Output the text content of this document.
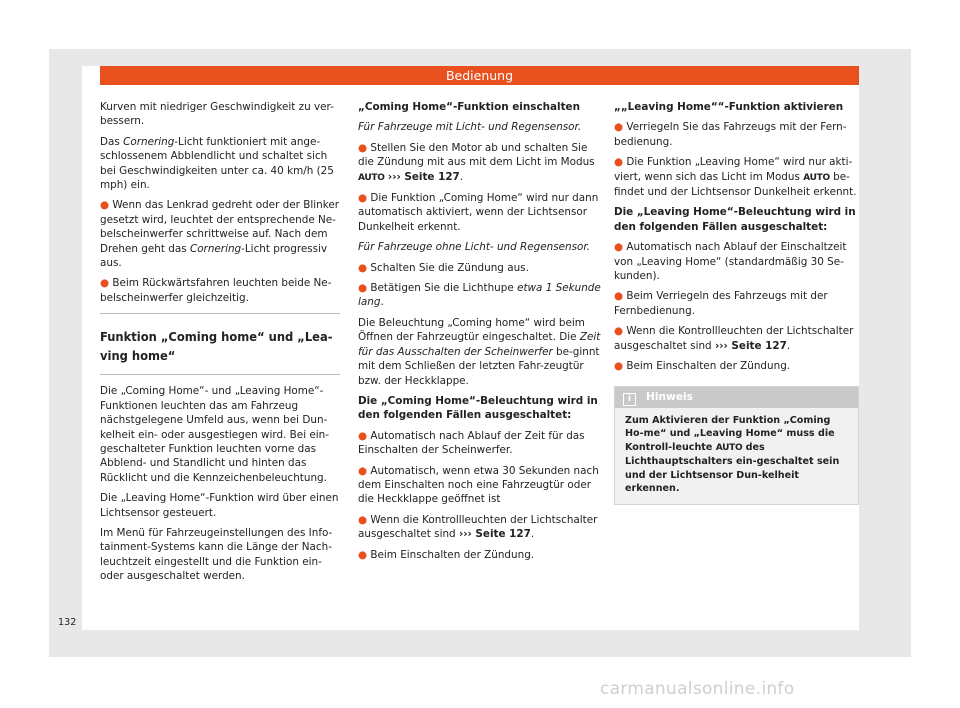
Bedienung

Kurven mit niedriger Geschwindigkeit zu ver-bessern.

Das Cornering-Licht funktioniert mit ange-schlossenem Abblendlicht und schaltet sich bei Geschwindigkeiten unter ca. 40 km/h (25 mph) ein.

● Wenn das Lenkrad gedreht oder der Blinker gesetzt wird, leuchtet der entsprechende Ne-belscheinwerfer schrittweise auf. Nach dem Drehen geht das Cornering-Licht progressiv aus.

● Beim Rückwärtsfahren leuchten beide Ne-belscheinwerfer gleichzeitig.

Funktion „Coming home“ und „Lea-ving home“

Die „Coming Home“- und „Leaving Home“-Funktionen leuchten das am Fahrzeug nächstgelegene Umfeld aus, wenn bei Dun-kelheit ein- oder ausgestiegen wird. Bei ein-geschalteter Funktion leuchten vorne das Abblend- und Standlicht und hinten das Rücklicht und die Kennzeichenbeleuchtung.

Die „Leaving Home“-Funktion wird über einen Lichtsensor gesteuert.

Im Menü für Fahrzeugeinstellungen des Info-tainment-Systems kann die Länge der Nach-leuchtzeit eingestellt und die Funktion ein-oder ausgeschaltet werden.

„Coming Home“-Funktion einschalten

Für Fahrzeuge mit Licht- und Regensensor.

● Stellen Sie den Motor ab und schalten Sie die Zündung mit aus mit dem Licht im Modus AUTO ››› Seite 127.

● Die Funktion „Coming Home“ wird nur dann automatisch aktiviert, wenn der Lichtsensor Dunkelheit erkennt.

Für Fahrzeuge ohne Licht- und Regensensor.

● Schalten Sie die Zündung aus.

● Betätigen Sie die Lichthupe etwa 1 Sekunde lang.

Die Beleuchtung „Coming home“ wird beim Öffnen der Fahrzeugtür eingeschaltet. Die Zeit für das Ausschalten der Scheinwerfer be-ginnt mit dem Schließen der letzten Fahr-zeugtür bzw. der Heckklappe.

Die „Coming Home“-Beleuchtung wird in den folgenden Fällen ausgeschaltet:

● Automatisch nach Ablauf der Zeit für das Einschalten der Scheinwerfer.

● Automatisch, wenn etwa 30 Sekunden nach dem Einschalten noch eine Fahrzeugtür oder die Heckklappe geöffnet ist

● Wenn die Kontrollleuchten der Lichtschalter ausgeschaltet sind ››› Seite 127.

● Beim Einschalten der Zündung.

„„Leaving Home““-Funktion aktivieren

● Verriegeln Sie das Fahrzeugs mit der Fern-bedienung.

● Die Funktion „Leaving Home“ wird nur akti-viert, wenn sich das Licht im Modus AUTO be-findet und der Lichtsensor Dunkelheit erkennt.

Die „Leaving Home“-Beleuchtung wird in den folgenden Fällen ausgeschaltet:

● Automatisch nach Ablauf der Einschaltzeit von „Leaving Home“ (standardmäßig 30 Se-kunden).

● Beim Verriegeln des Fahrzeugs mit der Fernbedienung.

● Wenn die Kontrollleuchten der Lichtschalter ausgeschaltet sind ››› Seite 127.

● Beim Einschalten der Zündung.

i Hinweis
Zum Aktivieren der Funktion „Coming Ho-me“ und „Leaving Home“ muss die Kontroll-leuchte AUTO des Lichthauptschalters ein-geschaltet sein und der Lichtsensor Dun-kelheit erkennen.
132
carmanualsonline.info
